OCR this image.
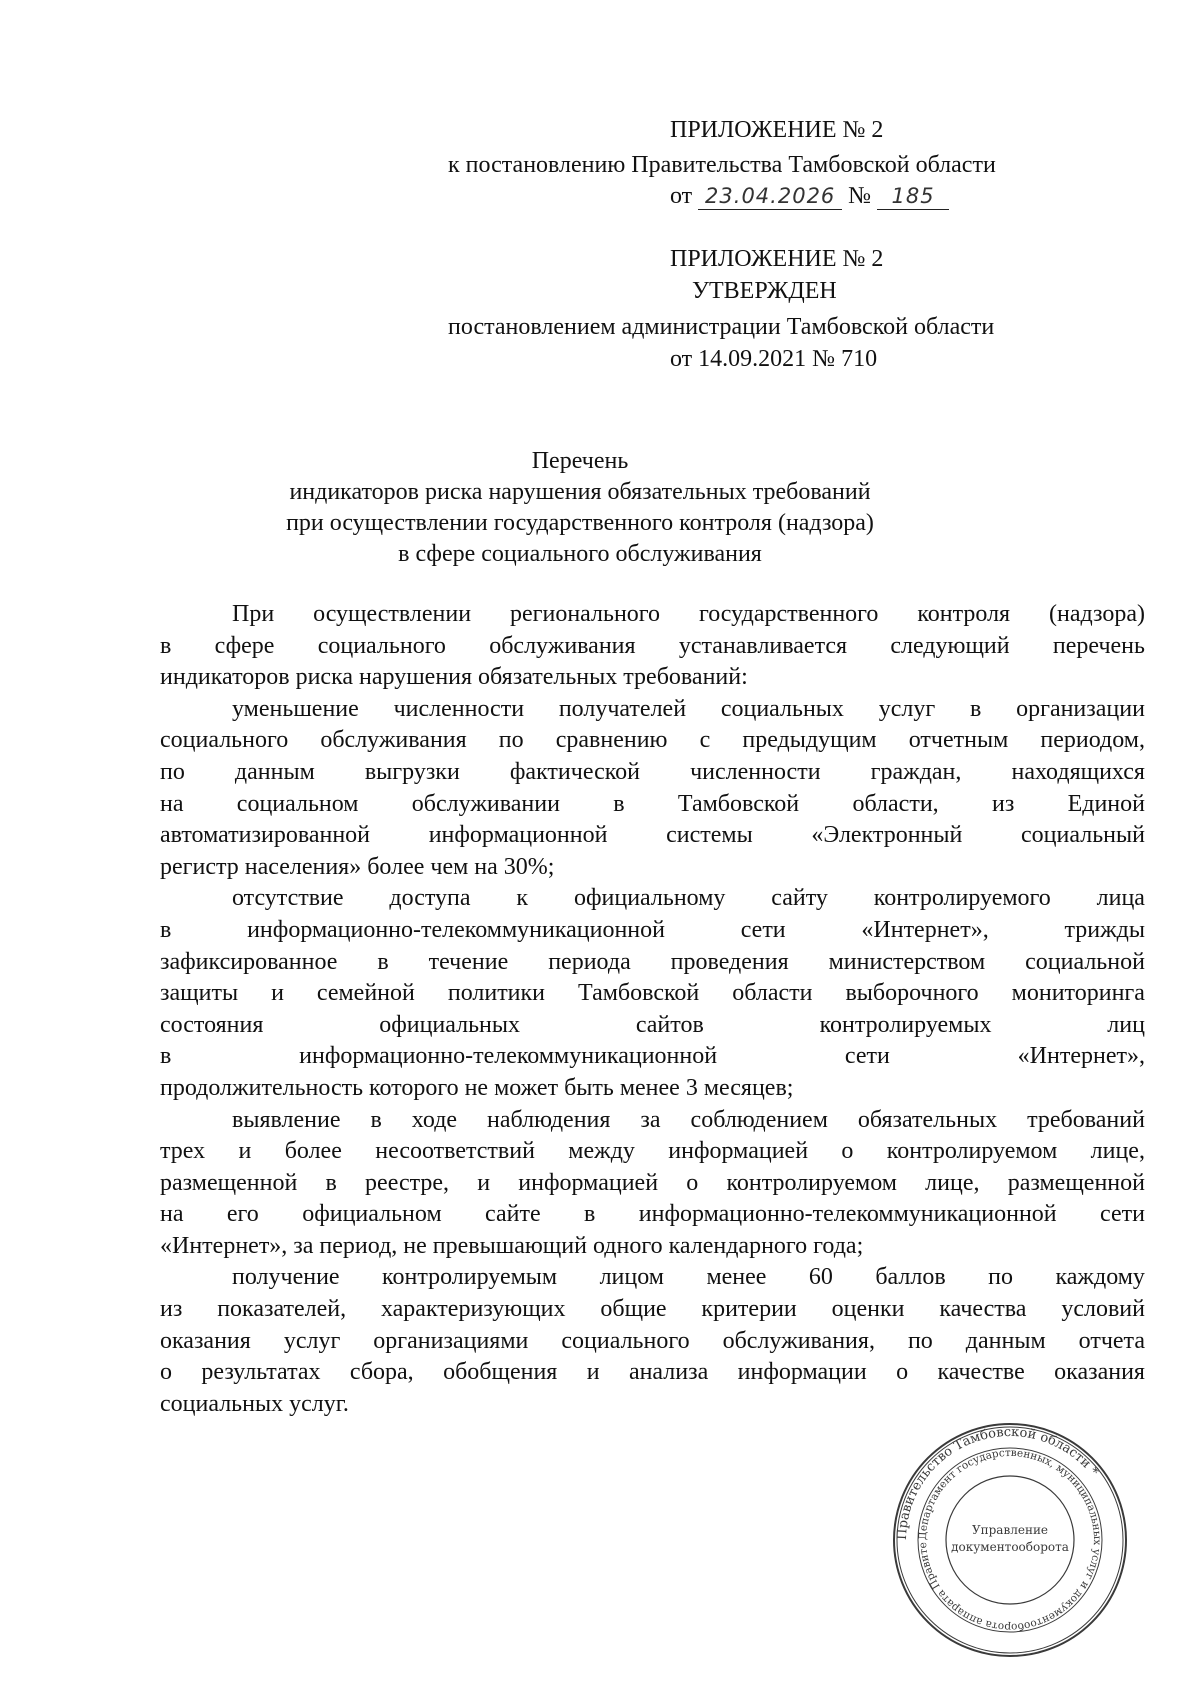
ПРИЛОЖЕНИЕ № 2
к постановлению Правительства Тамбовской области
от 23.04.2026 № 185
ПРИЛОЖЕНИЕ № 2
УТВЕРЖДЕН
постановлением администрации Тамбовской области
от 14.09.2021 № 710
Перечень
индикаторов риска нарушения обязательных требований
при осуществлении государственного контроля (надзора)
в сфере социального обслуживания
При осуществлении регионального государственного контроля (надзора)
в сфере социального обслуживания устанавливается следующий перечень
индикаторов риска нарушения обязательных требований:
уменьшение численности получателей социальных услуг в организации
социального обслуживания по сравнению с предыдущим отчетным периодом,
по данным выгрузки фактической численности граждан, находящихся
на социальном обслуживании в Тамбовской области, из Единой
автоматизированной информационной системы «Электронный социальный
регистр населения» более чем на 30%;
отсутствие доступа к официальному сайту контролируемого лица
в	информационно-телекоммуникационной	сети	«Интернет»,	трижды
зафиксированное в течение периода проведения министерством социальной
защиты и семейной политики Тамбовской области выборочного мониторинга
состояния	официальных	сайтов	контролируемых	лиц
в	информационно-телекоммуникационной	сети	«Интернет»,
продолжительность которого не может быть менее 3 месяцев;
выявление в ходе наблюдения за соблюдением обязательных требований
трех и более несоответствий между информацией о контролируемом лице,
размещенной в реестре, и информацией о контролируемом лице, размещенной
на его официальном сайте в информационно-телекоммуникационной сети
«Интернет», за период, не превышающий одного календарного года;
получение контролируемым лицом менее 60 баллов по каждому
из показателей, характеризующих общие критерии оценки качества условий
оказания услуг организациями социального обслуживания, по данным отчета
о результатах сбора, обобщения и анализа информации о качестве оказания
социальных услуг.
Правительство Тамбовской области *
Департамент государственных, муниципальных услуг и документооборота аппарата Правите
Управление
документооборота
